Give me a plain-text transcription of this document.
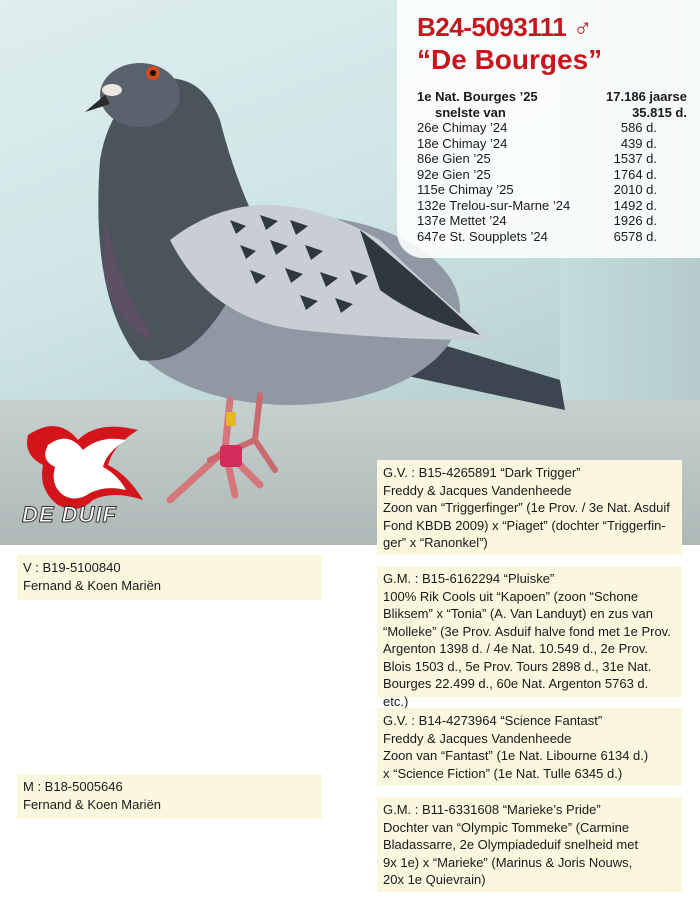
B24-5093111 ♂
“De Bourges”
1e Nat. Bourges ’25	17.186 jaarse
snelste van	35.815 d.
26e Chimay ’24	586 d.
18e Chimay ’24	439 d.
86e Gien ’25	1537 d.
92e Gien ’25	1764 d.
115e Chimay ’25	2010 d.
132e Trelou-sur-Marne ’24	1492 d.
137e Mettet ’24	1926 d.
647e St. Soupplets ’24	6578 d.
DE DUIF

V : B19-5100840

Fernand & Koen Mariën

M : B18-5005646

Fernand & Koen Mariën

G.V. : B15-4265891 “Dark Trigger”

Freddy & Jacques Vandenheede

Zoon van “Triggerfinger” (1e Prov. / 3e Nat. Asduif

Fond KBDB 2009) x “Piaget” (dochter “Triggerfin-

ger” x “Ranonkel”)

G.M. : B15-6162294 “Pluiske”

100% Rik Cools uit “Kapoen” (zoon “Schone

Bliksem” x “Tonia” (A. Van Landuyt) en zus van

“Molleke” (3e Prov. Asduif halve fond met 1e Prov.

Argenton 1398 d. / 4e Nat. 10.549 d., 2e Prov.

Blois 1503 d., 5e Prov. Tours 2898 d., 31e Nat.

Bourges 22.499 d., 60e Nat. Argenton 5763 d. etc.)

G.V. : B14-4273964 “Science Fantast”

Freddy & Jacques Vandenheede

Zoon van “Fantast” (1e Nat. Libourne 6134 d.)

x “Science Fiction” (1e Nat. Tulle 6345 d.)

G.M. : B11-6331608 “Marieke’s Pride”

Dochter van “Olympic Tommeke” (Carmine

Bladassarre, 2e Olympiadeduif snelheid met

9x 1e) x “Marieke” (Marinus & Joris Nouws,

20x 1e Quievrain)
